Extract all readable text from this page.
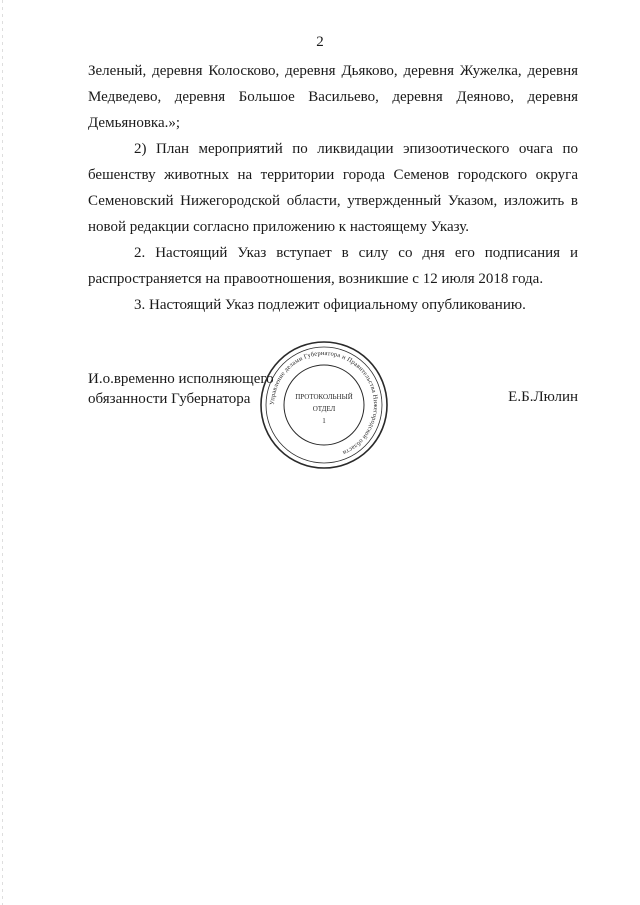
2

Зеленый, деревня Колосково, деревня Дьяково, деревня Жужелка, деревня
Медведево, деревня Большое Васильево, деревня Деяново, деревня
Демьяновка.»;

2) План мероприятий по ликвидации эпизоотического очага по
бешенству животных на территории города Семенов городского округа
Семеновский Нижегородской области, утвержденный Указом, изложить в
новой редакции согласно приложению к настоящему Указу.

2. Настоящий Указ вступает в силу со дня его подписания и
распространяется на правоотношения, возникшие с 12 июля 2018 года.

3. Настоящий Указ подлежит официальному опубликованию.

И.о.временно исполняющего
обязанности Губернатора	Е.Б.Люлин
Управление делами Губернатора и Правительства Нижегородской области
ПРОТОКОЛЬНЫЙ
ОТДЕЛ
1
